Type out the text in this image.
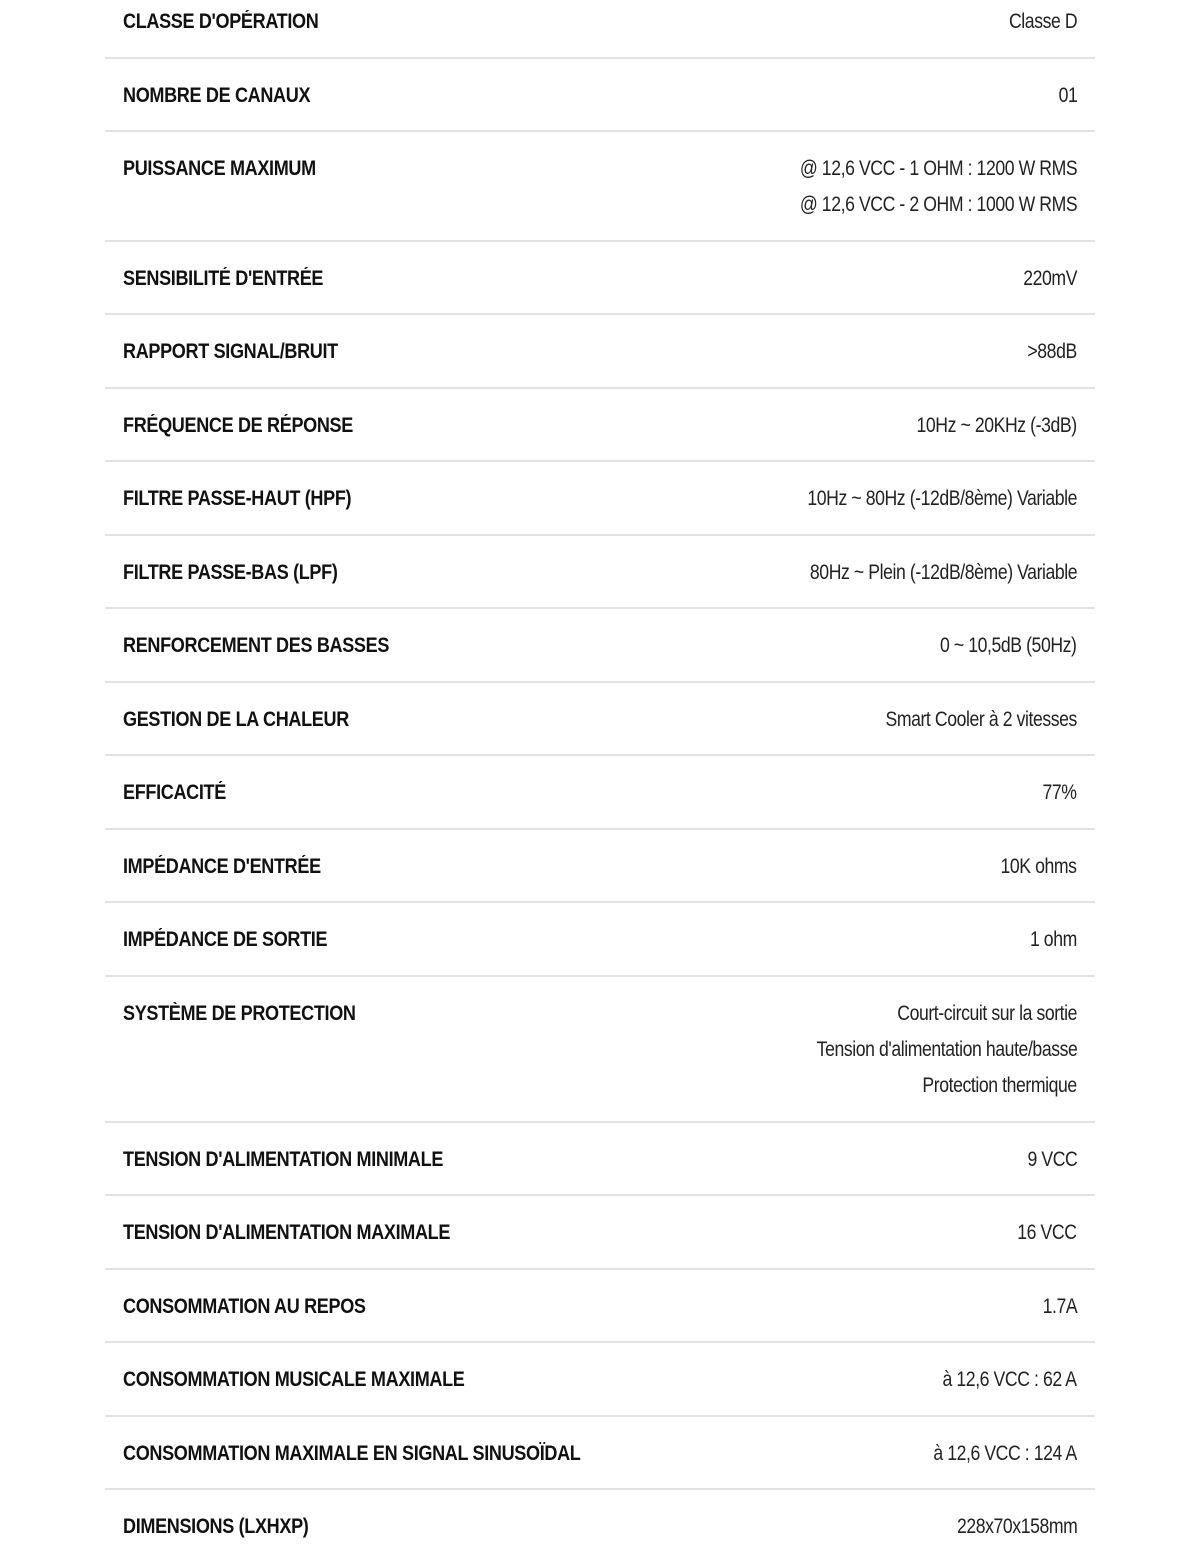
CLASSE D'OPÉRATION	Classe D
NOMBRE DE CANAUX	01
PUISSANCE MAXIMUM	@ 12,6 VCC - 1 OHM : 1200 W RMS
@ 12,6 VCC - 2 OHM : 1000 W RMS
SENSIBILITÉ D'ENTRÉE	220mV
RAPPORT SIGNAL/BRUIT	>88dB
FRÉQUENCE DE RÉPONSE	10Hz ~ 20KHz (-3dB)
FILTRE PASSE-HAUT (HPF)	10Hz ~ 80Hz (-12dB/8ème) Variable
FILTRE PASSE-BAS (LPF)	80Hz ~ Plein (-12dB/8ème) Variable
RENFORCEMENT DES BASSES	0 ~ 10,5dB (50Hz)
GESTION DE LA CHALEUR	Smart Cooler à 2 vitesses
EFFICACITÉ	77%
IMPÉDANCE D'ENTRÉE	10K ohms
IMPÉDANCE DE SORTIE	1 ohm
SYSTÈME DE PROTECTION	Court-circuit sur la sortie
Tension d'alimentation haute/basse
Protection thermique
TENSION D'ALIMENTATION MINIMALE	9 VCC
TENSION D'ALIMENTATION MAXIMALE	16 VCC
CONSOMMATION AU REPOS	1.7A
CONSOMMATION MUSICALE MAXIMALE	à 12,6 VCC : 62 A
CONSOMMATION MAXIMALE EN SIGNAL SINUSOÏDAL	à 12,6 VCC : 124 A
DIMENSIONS (LXHXP)	228x70x158mm
